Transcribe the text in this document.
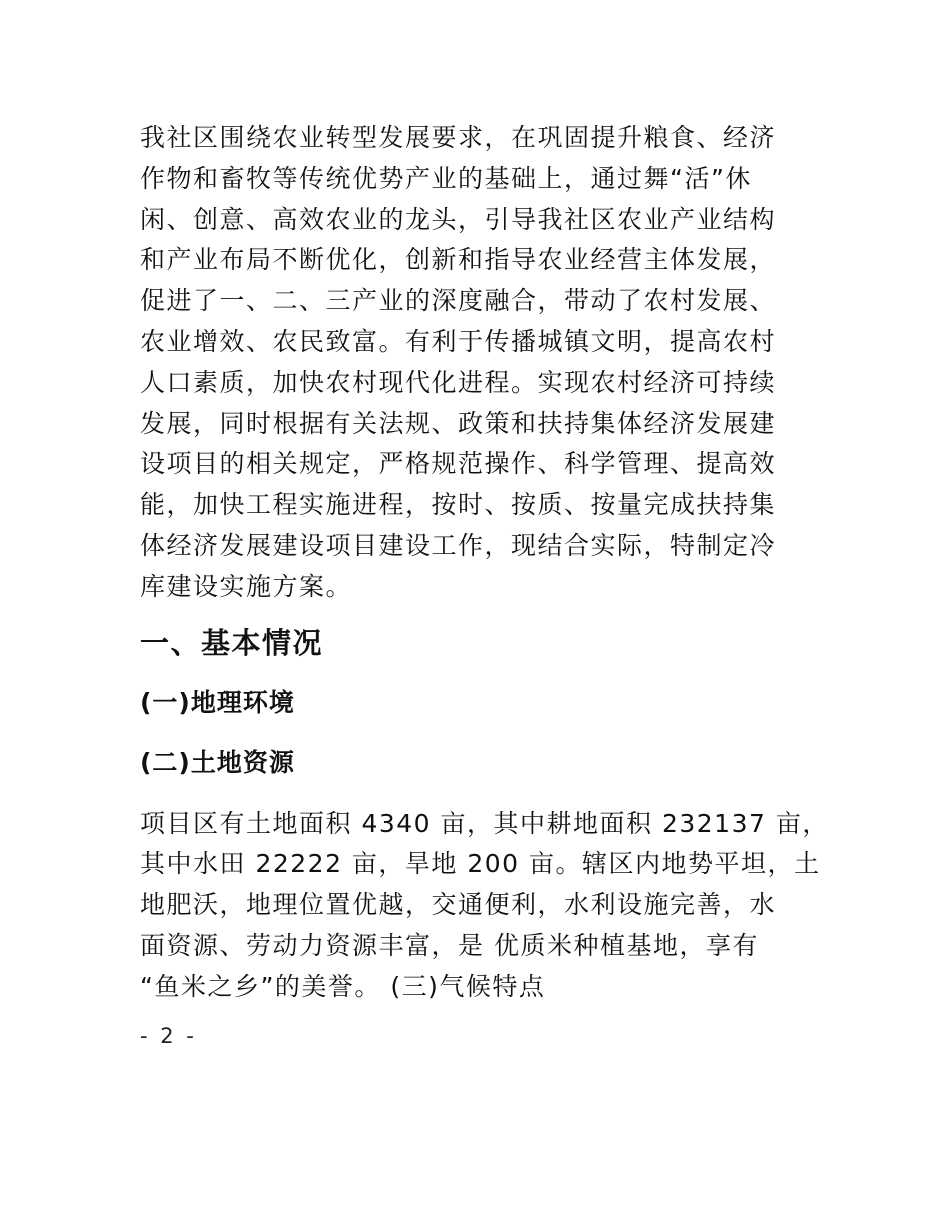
我社区围绕农业转型发展要求，在巩固提升粮食、经济
作物和畜牧等传统优势产业的基础上，通过舞“活”休
闲、创意、高效农业的龙头，引导我社区农业产业结构
和产业布局不断优化，创新和指导农业经营主体发展，
促进了一、二、三产业的深度融合，带动了农村发展、
农业增效、农民致富。有利于传播城镇文明，提高农村
人口素质，加快农村现代化进程。实现农村经济可持续
发展，同时根据有关法规、政策和扶持集体经济发展建
设项目的相关规定，严格规范操作、科学管理、提高效
能，加快工程实施进程，按时、按质、按量完成扶持集
体经济发展建设项目建设工作，现结合实际，特制定冷
库建设实施方案。

一、基本情况
(一)地理环境
(二)土地资源

项目区有土地面积 4340 亩，其中耕地面积 232137 亩，
其中水田 22222 亩，旱地 200 亩。辖区内地势平坦，土
地肥沃，地理位置优越，交通便利，水利设施完善，水
面资源、劳动力资源丰富，是 优质米种植基地，享有
“鱼米之乡”的美誉。 (三)气候特点

- 2 -
